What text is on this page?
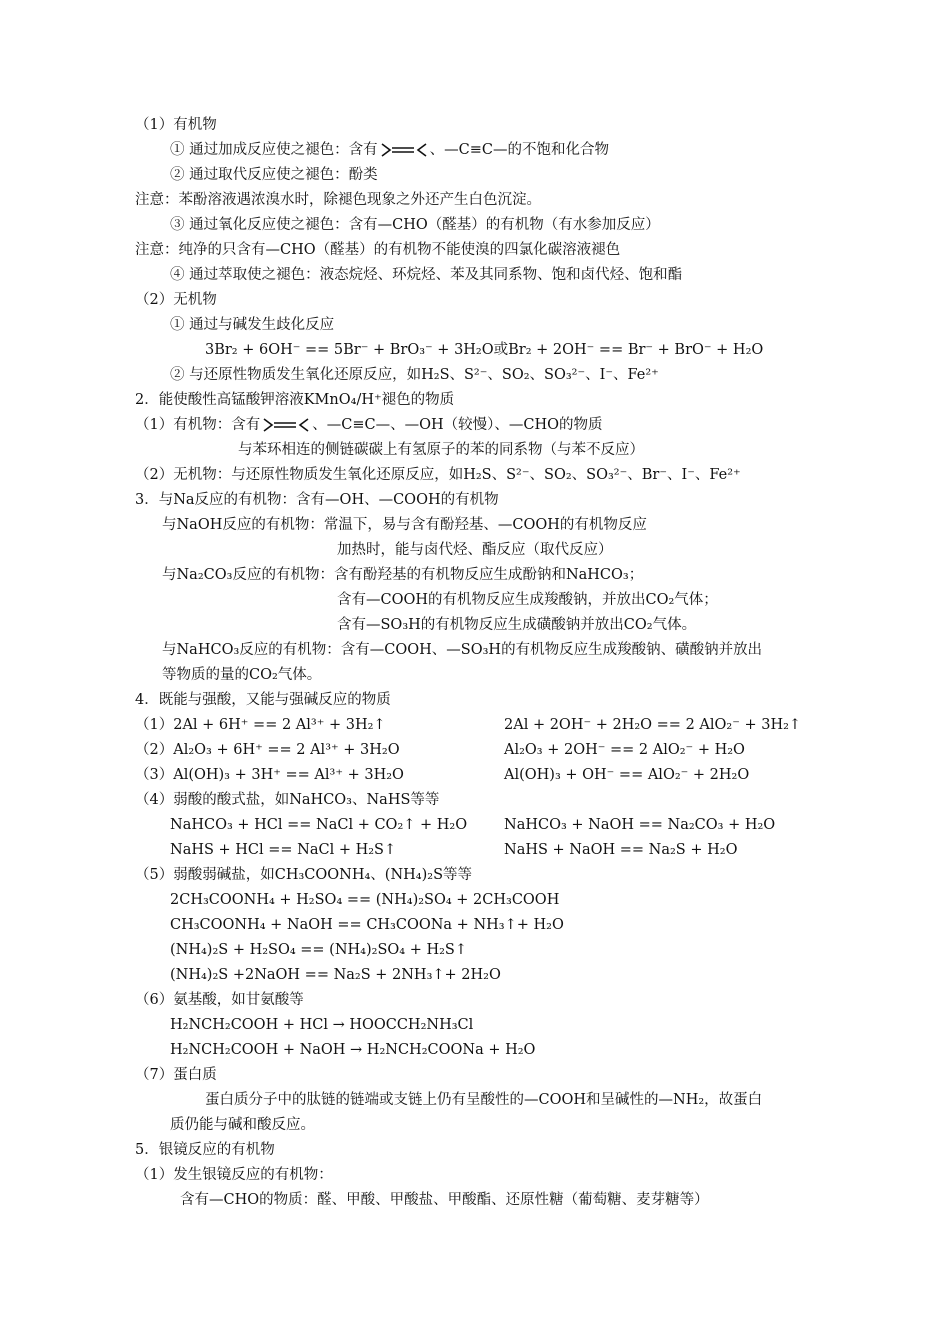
（1）有机物
① 通过加成反应使之褪色：含有	、—C≡C—的不饱和化合物
② 通过取代反应使之褪色：酚类
注意：苯酚溶液遇浓溴水时，除褪色现象之外还产生白色沉淀。
③ 通过氧化反应使之褪色：含有—CHO（醛基）的有机物（有水参加反应）
注意：纯净的只含有—CHO（醛基）的有机物不能使溴的四氯化碳溶液褪色
④ 通过萃取使之褪色：液态烷烃、环烷烃、苯及其同系物、饱和卤代烃、饱和酯
（2）无机物
① 通过与碱发生歧化反应
3Br₂ + 6OH⁻ == 5Br⁻ + BrO₃⁻ + 3H₂O或Br₂ + 2OH⁻ == Br⁻ + BrO⁻ + H₂O
② 与还原性物质发生氧化还原反应，如H₂S、S²⁻、SO₂、SO₃²⁻、I⁻、Fe²⁺
2．能使酸性高锰酸钾溶液KMnO₄/H⁺褪色的物质
（1）有机物：含有	、—C≡C—、—OH（较慢）、—CHO的物质
与苯环相连的侧链碳碳上有氢原子的苯的同系物（与苯不反应）
（2）无机物：与还原性物质发生氧化还原反应，如H₂S、S²⁻、SO₂、SO₃²⁻、Br⁻、I⁻、Fe²⁺
3．与Na反应的有机物：含有—OH、—COOH的有机物
与NaOH反应的有机物：常温下，易与含有酚羟基、—COOH的有机物反应
加热时，能与卤代烃、酯反应（取代反应）
与Na₂CO₃反应的有机物：含有酚羟基的有机物反应生成酚钠和NaHCO₃；
含有—COOH的有机物反应生成羧酸钠，并放出CO₂气体；
含有—SO₃H的有机物反应生成磺酸钠并放出CO₂气体。
与NaHCO₃反应的有机物：含有—COOH、—SO₃H的有机物反应生成羧酸钠、磺酸钠并放出
等物质的量的CO₂气体。
4．既能与强酸，又能与强碱反应的物质
（1）2Al + 6H⁺ == 2 Al³⁺ + 3H₂↑	2Al + 2OH⁻ + 2H₂O == 2 AlO₂⁻ + 3H₂↑
（2）Al₂O₃ + 6H⁺ == 2 Al³⁺ + 3H₂O	Al₂O₃ + 2OH⁻ == 2 AlO₂⁻ + H₂O
（3）Al(OH)₃ + 3H⁺ == Al³⁺ + 3H₂O	Al(OH)₃ + OH⁻ == AlO₂⁻ + 2H₂O
（4）弱酸的酸式盐，如NaHCO₃、NaHS等等
NaHCO₃ + HCl == NaCl + CO₂↑ + H₂O	NaHCO₃ + NaOH == Na₂CO₃ + H₂O
NaHS + HCl == NaCl + H₂S↑	NaHS + NaOH == Na₂S + H₂O
（5）弱酸弱碱盐，如CH₃COONH₄、(NH₄)₂S等等
2CH₃COONH₄ + H₂SO₄ == (NH₄)₂SO₄ + 2CH₃COOH
CH₃COONH₄ + NaOH == CH₃COONa + NH₃↑+ H₂O
(NH₄)₂S + H₂SO₄ == (NH₄)₂SO₄ + H₂S↑
(NH₄)₂S +2NaOH == Na₂S + 2NH₃↑+ 2H₂O
（6）氨基酸，如甘氨酸等
H₂NCH₂COOH + HCl → HOOCCH₂NH₃Cl
H₂NCH₂COOH + NaOH → H₂NCH₂COONa + H₂O
（7）蛋白质
蛋白质分子中的肽链的链端或支链上仍有呈酸性的—COOH和呈碱性的—NH₂，故蛋白
质仍能与碱和酸反应。
5．银镜反应的有机物
（1）发生银镜反应的有机物：
含有—CHO的物质：醛、甲酸、甲酸盐、甲酸酯、还原性糖（葡萄糖、麦芽糖等）
